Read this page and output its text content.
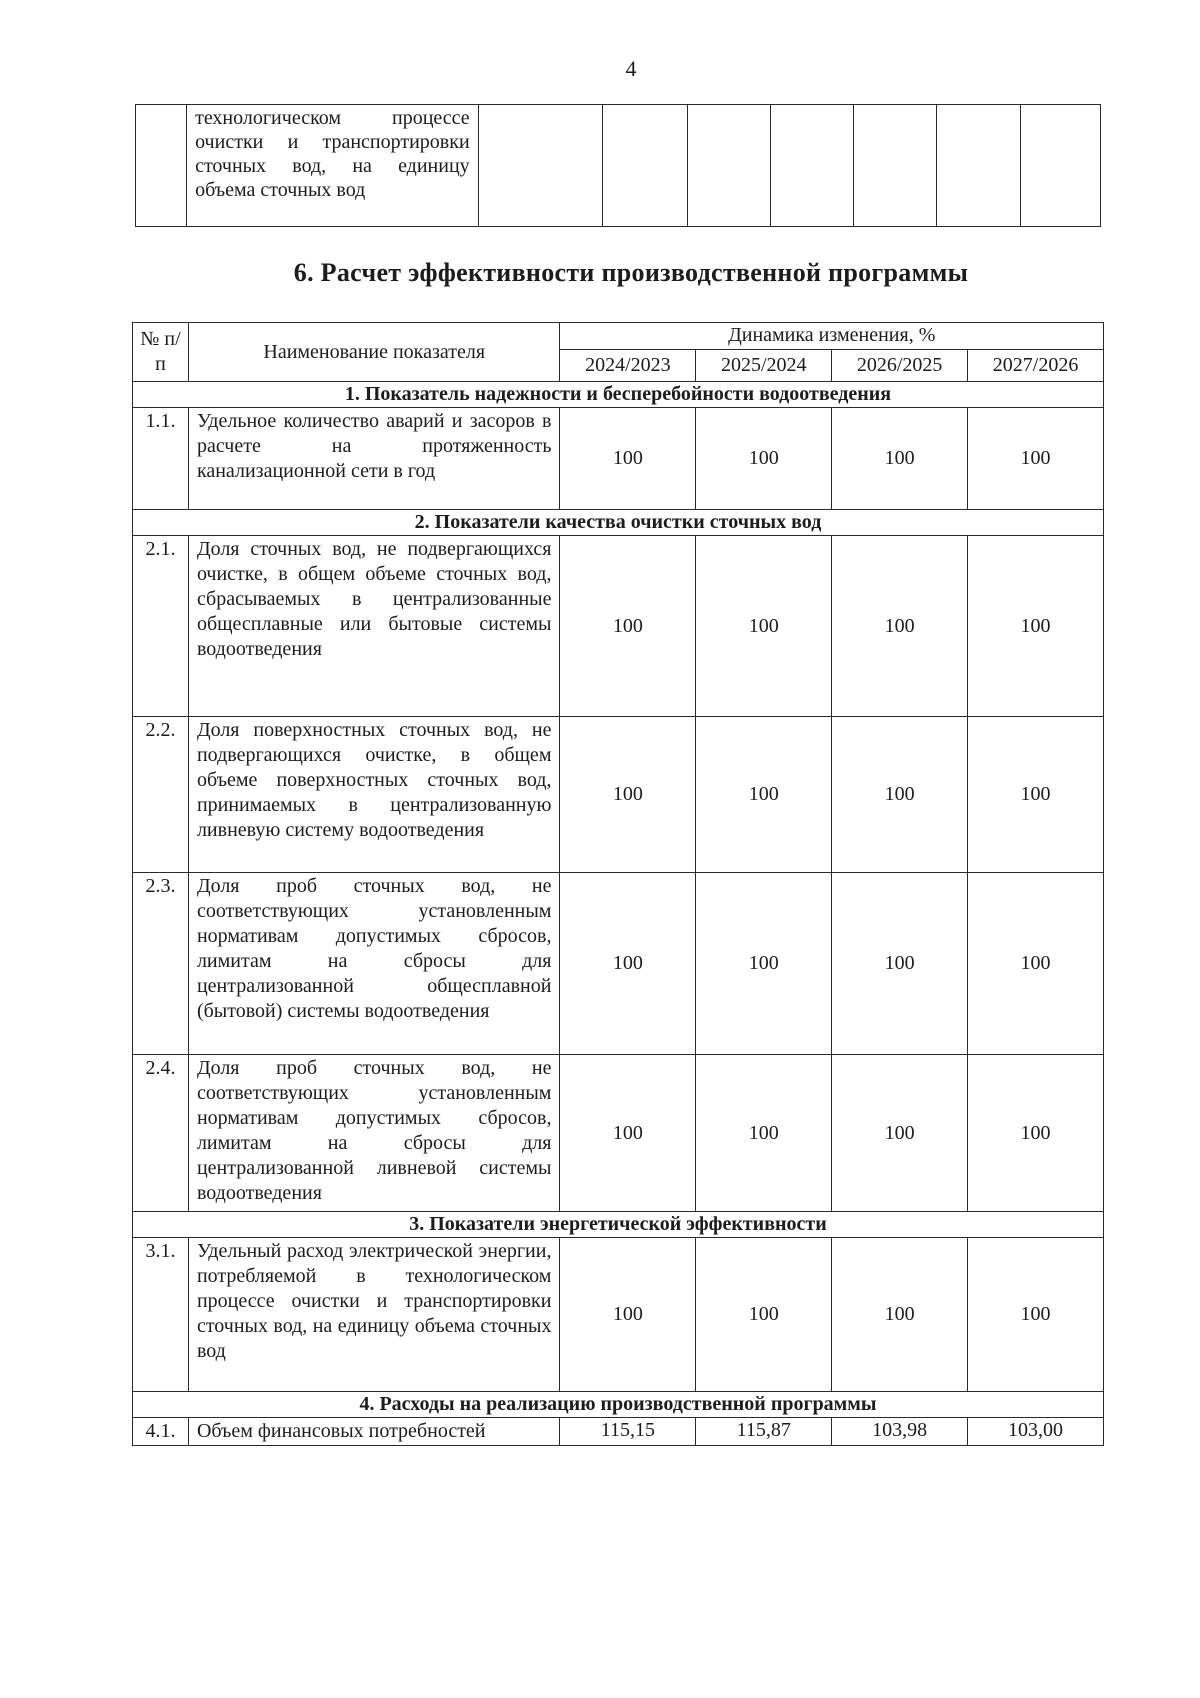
4
	технологическом процессе очистки и транспортировки сточных вод, на единицу объема сточных вод							
6. Расчет эффективности производственной программы
№ п/п	Наименование показателя	Динамика изменения, %			
		2024/2023	2025/2024	2026/2025	2027/2026
1. Показатель надежности и бесперебойности водоотведения					
1.1.	Удельное количество аварий и засоров в расчете на протяженность канализационной сети в год	100	100	100	100
2. Показатели качества очистки сточных вод					
2.1.	Доля сточных вод, не подвергающихся очистке, в общем объеме сточных вод, сбрасываемых в централизованные общесплавные или бытовые системы водоотведения	100	100	100	100
2.2.	Доля поверхностных сточных вод, не подвергающихся очистке, в общем объеме поверхностных сточных вод, принимаемых в централизованную ливневую систему водоотведения	100	100	100	100
2.3.	Доля проб сточных вод, не соответствующих установленным нормативам допустимых сбросов, лимитам на сбросы для централизованной общесплавной (бытовой) системы водоотведения	100	100	100	100
2.4.	Доля проб сточных вод, не соответствующих установленным нормативам допустимых сбросов, лимитам на сбросы для централизованной ливневой системы водоотведения	100	100	100	100
3. Показатели энергетической эффективности					
3.1.	Удельный расход электрической энергии, потребляемой в технологическом процессе очистки и транспортировки сточных вод, на единицу объема сточных вод	100	100	100	100
4. Расходы на реализацию производственной программы					
4.1.	Объем финансовых потребностей	115,15	115,87	103,98	103,00
